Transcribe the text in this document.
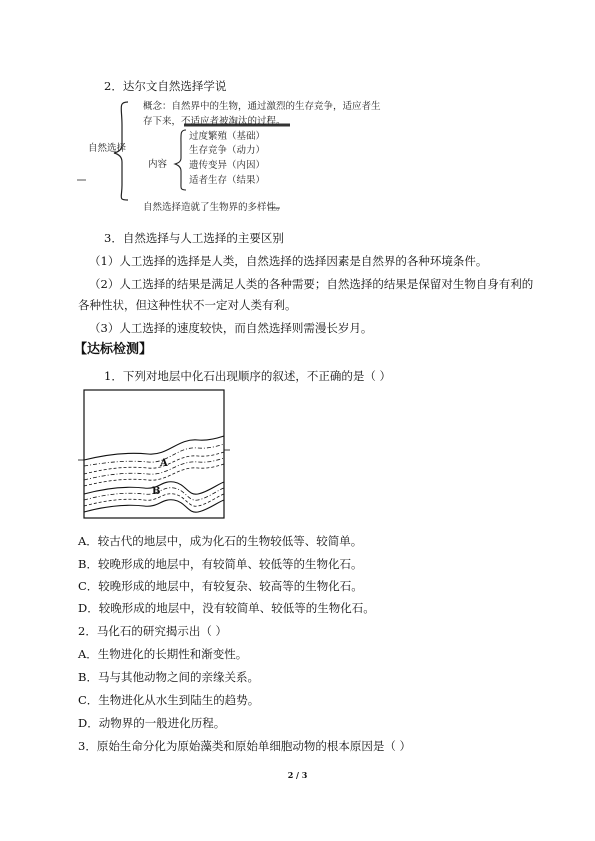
2．达尔文自然选择学说
自然选择
概念：自然界中的生物，通过激烈的生存竞争，适应者生
存下来，不适应者被淘汰的过程。
内容
过度繁殖（基础）
生存竞争（动力）
遗传变异（内因）
适者生存（结果）
自然选择造就了生物界的多样性。
3．自然选择与人工选择的主要区别
（1）人工选择的选择是人类，自然选择的选择因素是自然界的各种环境条件。
（2）人工选择的结果是满足人类的各种需要；自然选择的结果是保留对生物自身有利的
各种性状，但这种性状不一定对人类有利。
（3）人工选择的速度较快，而自然选择则需漫长岁月。
【达标检测】
1．下列对地层中化石出现顺序的叙述，不正确的是（ ）
A
B
A．较古代的地层中，成为化石的生物较低等、较简单。
B．较晚形成的地层中，有较简单、较低等的生物化石。
C．较晚形成的地层中，有较复杂、较高等的生物化石。
D．较晚形成的地层中，没有较简单、较低等的生物化石。
2．马化石的研究揭示出（ ）
A．生物进化的长期性和渐变性。
B．马与其他动物之间的亲缘关系。
C．生物进化从水生到陆生的趋势。
D．动物界的一般进化历程。
3．原始生命分化为原始藻类和原始单细胞动物的根本原因是（ ）
2 / 3
